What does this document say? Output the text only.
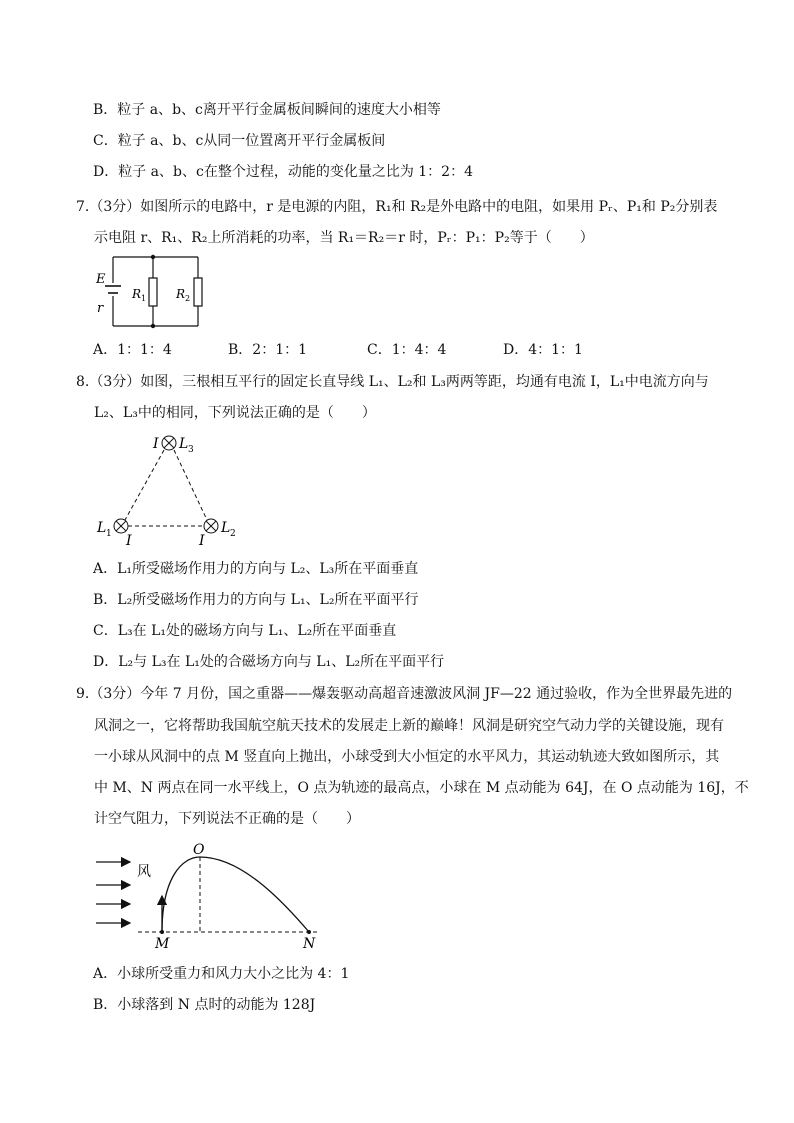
B．粒子 a、b、c离开平行金属板间瞬间的速度大小相等
C．粒子 a、b、c从同一位置离开平行金属板间
D．粒子 a、b、c在整个过程，动能的变化量之比为 1：2：4
7.（3分）如图所示的电路中，r 是电源的内阻，R₁和 R₂是外电路中的电阻，如果用 Pᵣ、P₁和 P₂分别表
示电阻 r、R₁、R₂上所消耗的功率，当 R₁＝R₂＝r 时，Pᵣ：P₁：P₂等于（　　）
E
r
R 1 R 2
A．1：1：4	B．2：1：1	C．1：4：4	D．4：1：1
8.（3分）如图，三根相互平行的固定长直导线 L₁、L₂和 L₃两两等距，均通有电流 I，L₁中电流方向与
L₂、L₃中的相同，下列说法正确的是（　　）
I L 3
L 1 I
L 2
I
A．L₁所受磁场作用力的方向与 L₂、L₃所在平面垂直
B．L₂所受磁场作用力的方向与 L₁、L₂所在平面平行
C．L₃在 L₁处的磁场方向与 L₁、L₂所在平面垂直
D．L₂与 L₃在 L₁处的合磁场方向与 L₁、L₂所在平面平行
9.（3分）今年 7 月份，国之重器——爆轰驱动高超音速激波风洞 JF—22 通过验收，作为全世界最先进的
风洞之一，它将帮助我国航空航天技术的发展走上新的巅峰！风洞是研究空气动力学的关键设施，现有
一小球从风洞中的点 M 竖直向上抛出，小球受到大小恒定的水平风力，其运动轨迹大致如图所示，其
中 M、N 两点在同一水平线上，O 点为轨迹的最高点，小球在 M 点动能为 64J，在 O 点动能为 16J，不
计空气阻力，下列说法不正确的是（　　）
风
O
M	N
A．小球所受重力和风力大小之比为 4：1
B．小球落到 N 点时的动能为 128J
